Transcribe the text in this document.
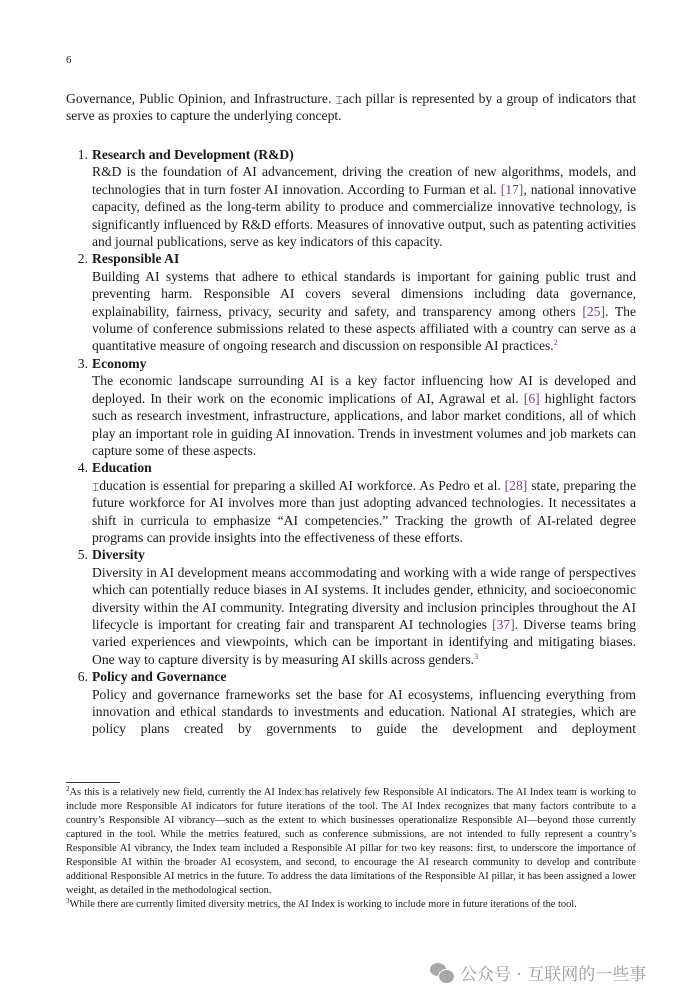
6

Governance, Public Opinion, and Infrastructure. ⌶ach pillar is represented by a group of indicators that serve as proxies to capture the underlying concept.

1. Research and Development (R&D)
R&D is the foundation of AI advancement, driving the creation of new algorithms, models, and technologies that in turn foster AI innovation. According to Furman et al. [17], national innovative capacity, defined as the long-term ability to produce and commercialize innovative technology, is significantly influenced by R&D efforts. Measures of innovative output, such as patenting activities and journal publications, serve as key indicators of this capacity.
2. Responsible AI
Building AI systems that adhere to ethical standards is important for gaining public trust and preventing harm. Responsible AI covers several dimensions including data governance, explainability, fairness, privacy, security and safety, and transparency among others [25]. The volume of conference submissions related to these aspects affiliated with a country can serve as a quantitative measure of ongoing research and discussion on responsible AI practices.$^2$
3. Economy
The economic landscape surrounding AI is a key factor influencing how AI is developed and deployed. In their work on the economic implications of AI, Agrawal et al. [6] highlight factors such as research investment, infrastructure, applications, and labor market conditions, all of which play an important role in guiding AI innovation. Trends in investment volumes and job markets can capture some of these aspects.
4. Education
⌶ducation is essential for preparing a skilled AI workforce. As Pedro et al. [28] state, preparing the future workforce for AI involves more than just adopting advanced technologies. It necessitates a shift in curricula to emphasize “AI competencies.” Tracking the growth of AI-related degree programs can provide insights into the effectiveness of these efforts.
5. Diversity
Diversity in AI development means accommodating and working with a wide range of perspectives which can potentially reduce biases in AI systems. It includes gender, ethnicity, and socioeconomic diversity within the AI community. Integrating diversity and inclusion principles throughout the AI lifecycle is important for creating fair and transparent AI technologies [37]. Diverse teams bring varied experiences and viewpoints, which can be important in identifying and mitigating biases. One way to capture diversity is by measuring AI skills across genders.$^3$
6. Policy and Governance
Policy and governance frameworks set the base for AI ecosystems, influencing everything from innovation and ethical standards to investments and education. National AI strategies, which are policy plans created by governments to guide the development and deployment

$^2$As this is a relatively new field, currently the AI Index has relatively few Responsible AI indicators. The AI Index team is working to include more Responsible AI indicators for future iterations of the tool. The AI Index recognizes that many factors contribute to a country’s Responsible AI vibrancy—such as the extent to which businesses operationalize Responsible AI—beyond those currently captured in the tool. While the metrics featured, such as conference submissions, are not intended to fully represent a country’s Responsible AI vibrancy, the Index team included a Responsible AI pillar for two key reasons: first, to underscore the importance of Responsible AI within the broader AI ecosystem, and second, to encourage the AI research community to develop and contribute additional Responsible AI metrics in the future. To address the data limitations of the Responsible AI pillar, it has been assigned a lower weight, as detailed in the methodological section.

$^3$While there are currently limited diversity metrics, the AI Index is working to include more in future iterations of the tool.

公众号 · 互联网的一些事
